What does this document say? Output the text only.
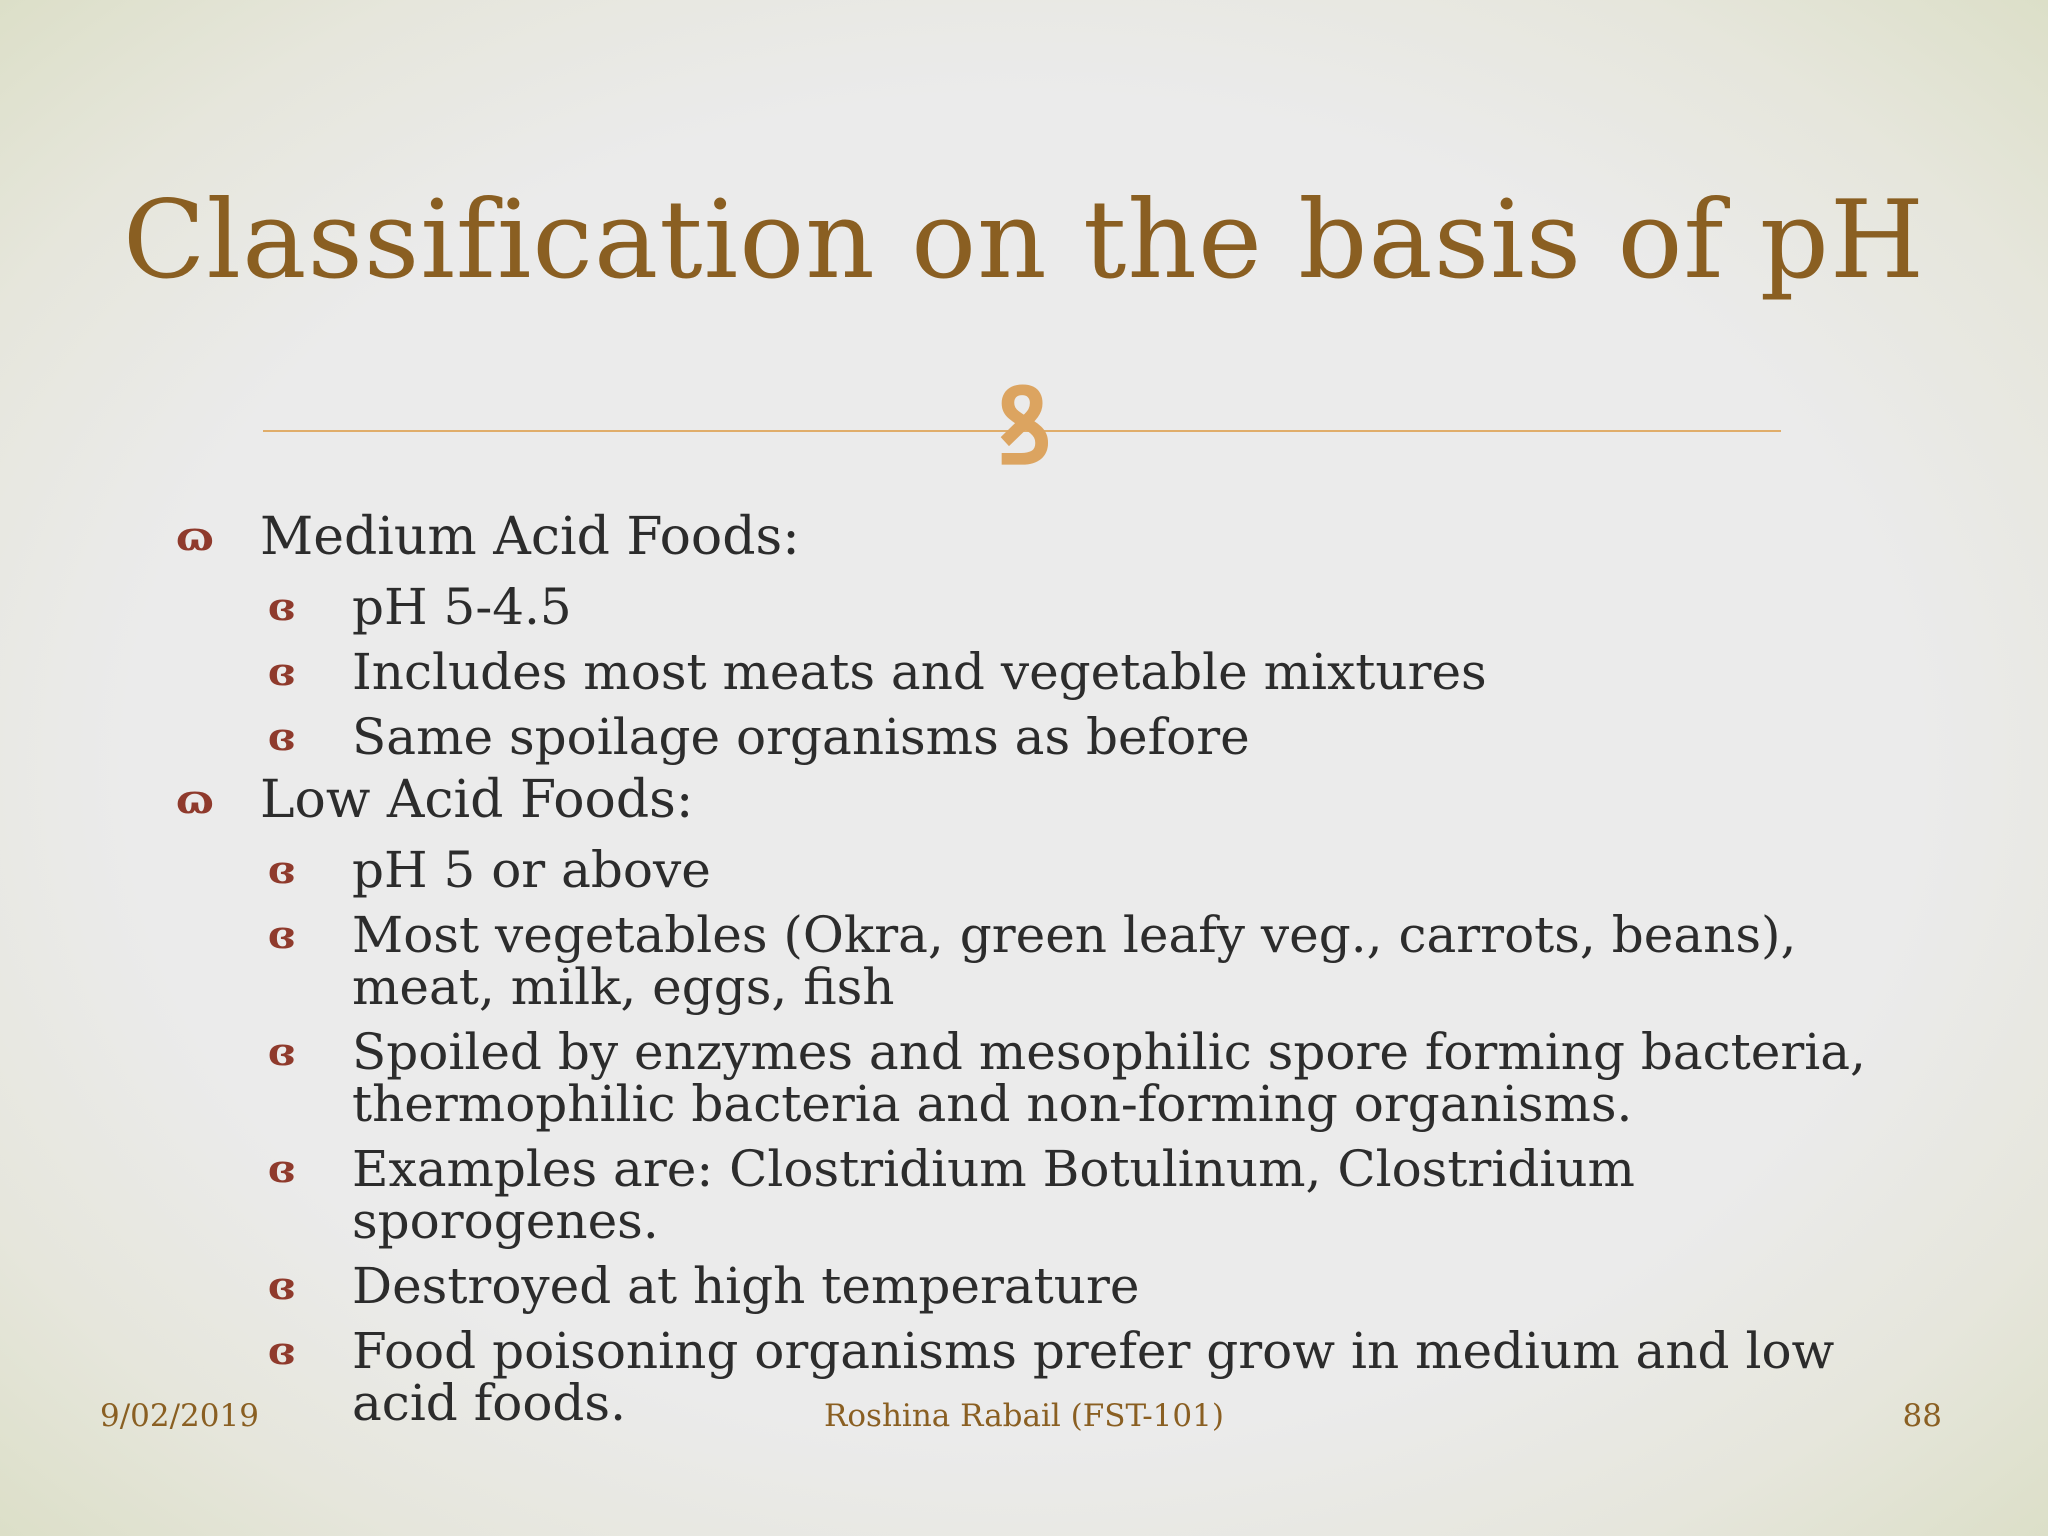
Classification on the basis of pH
ꝸ
ɷ Medium Acid Foods:
ɞ pH 5-4.5
ɞ Includes most meats and vegetable mixtures
ɞ Same spoilage organisms as before
ɷ Low Acid Foods:
ɞ pH 5 or above
ɞ Most vegetables (Okra, green leafy veg., carrots, beans), meat, milk, eggs, fish
ɞ Spoiled by enzymes and mesophilic spore forming bacteria, thermophilic bacteria and non-forming organisms.
ɞ Examples are: Clostridium Botulinum, Clostridium sporogenes.
ɞ Destroyed at high temperature
ɞ Food poisoning organisms prefer grow in medium and low acid foods.
9/02/2019	Roshina Rabail (FST-101)	88
